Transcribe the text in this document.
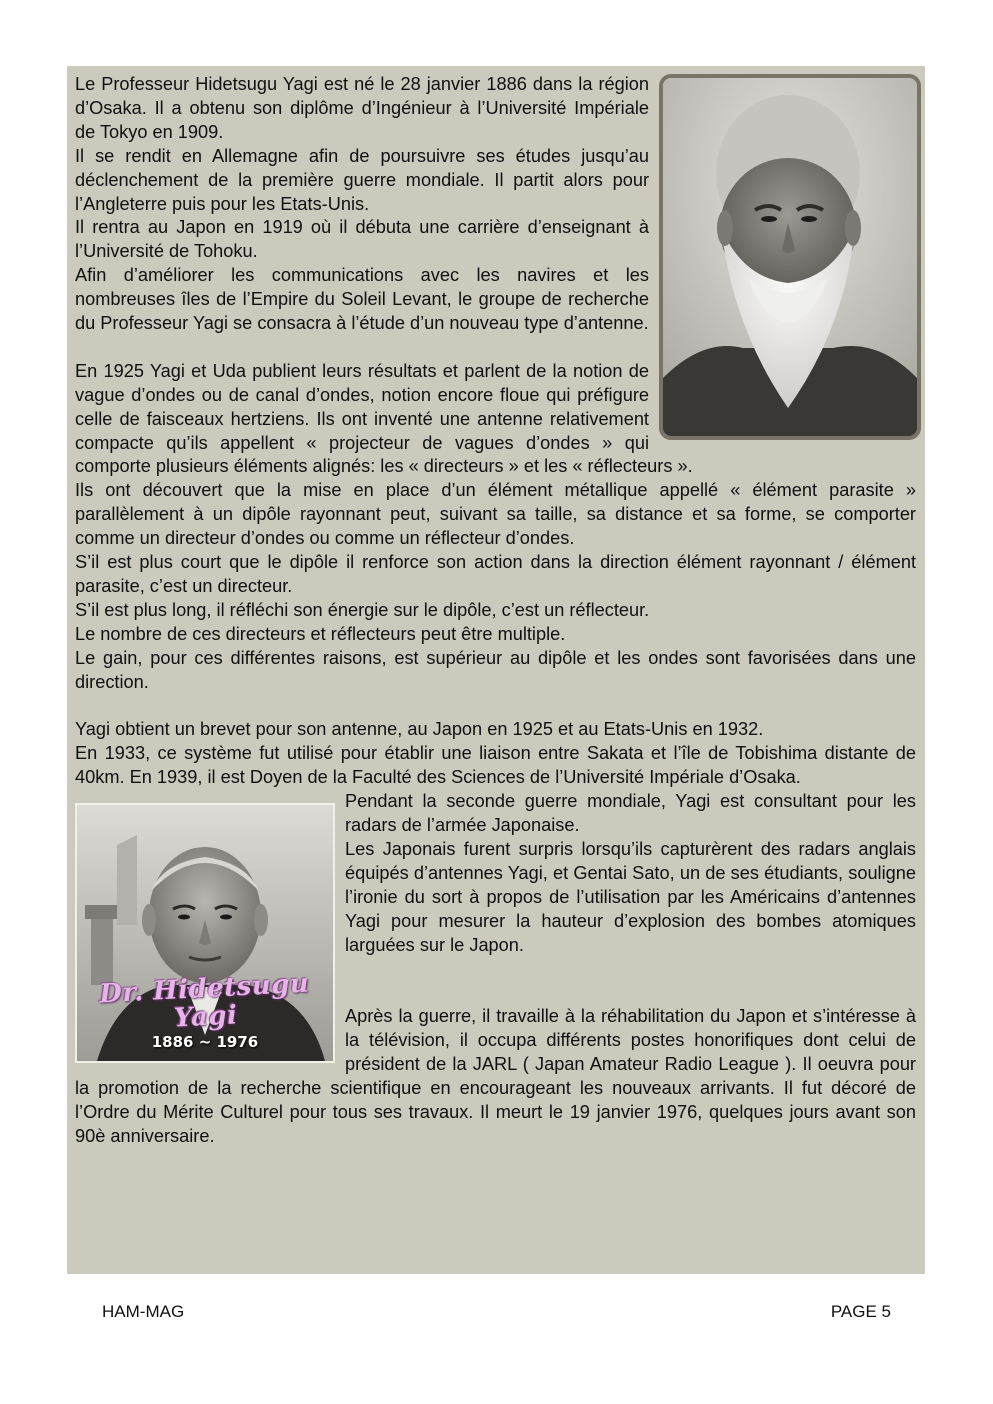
Le Professeur Hidetsugu Yagi est né le 28 janvier 1886 dans la région d’Osaka. Il a obtenu son diplôme d’Ingénieur à l’Université Impériale de Tokyo en 1909.

Il se rendit en Allemagne afin de poursuivre ses études jusqu’au déclenchement de la première guerre mondiale. Il partit alors pour l’Angleterre puis pour les Etats-Unis.

Il rentra au Japon en 1919 où il débuta une carrière d’enseignant à l’Université de Tohoku.

Afin d’améliorer les communications avec les navires et les nombreuses îles de l’Empire du Soleil Levant, le groupe de recherche du Professeur Yagi se consacra à l’étude d’un nouveau type d’antenne.

En 1925 Yagi et Uda publient leurs résultats et parlent de la notion de vague d’ondes ou de canal d’ondes, notion encore floue qui préfigure celle de faisceaux hertziens. Ils ont inventé une antenne relativement compacte qu’ils appellent « projecteur de vagues d’ondes » qui comporte plusieurs éléments alignés: les « directeurs » et les « réflecteurs ».

Ils ont découvert que la mise en place d’un élément métallique appellé « élément parasite » parallèlement à un dipôle rayonnant peut, suivant sa taille, sa distance et sa forme, se comporter comme un directeur d’ondes ou comme un réflecteur d’ondes.

S’il est plus court que le dipôle il renforce son action dans la direction élément rayonnant / élément parasite, c’est un directeur.

S’il est plus long, il réfléchi son énergie sur le dipôle, c’est un réflecteur.

Le nombre de ces directeurs et réflecteurs peut être multiple.

Le gain, pour ces différentes raisons, est supérieur au dipôle et les ondes sont favorisées dans une direction.

Yagi obtient un brevet pour son antenne, au Japon en 1925 et au Etats-Unis en 1932.

En 1933, ce système fut utilisé pour établir une liaison entre Sakata et l’île de Tobishima distante de 40km. En 1939, il est Doyen de la Faculté des Sciences de l’Université Impériale d’Osaka.

Dr. Hidetsugu Yagi
1886 ~ 1976

Pendant la seconde guerre mondiale, Yagi est consultant pour les radars de l’armée Japonaise.

Les Japonais furent surpris lorsqu’ils capturèrent des radars anglais équipés d’antennes Yagi, et Gentai Sato, un de ses étudiants, souligne l’ironie du sort à propos de l’utilisation par les Américains d’antennes Yagi pour mesurer la hauteur d’explosion des bombes atomiques larguées sur le Japon.

Après la guerre, il travaille à la réhabilitation du Japon et s’intéresse à la télévision, il occupa différents postes honorifiques dont celui de président de la JARL ( Japan Amateur Radio League ). Il oeuvra pour la promotion de la recherche scientifique en encourageant les nouveaux arrivants. Il fut décoré de l’Ordre du Mérite Culturel pour tous ses travaux. Il meurt le 19 janvier 1976, quelques jours avant son 90è anniversaire.

HAM-MAG	PAGE 5
